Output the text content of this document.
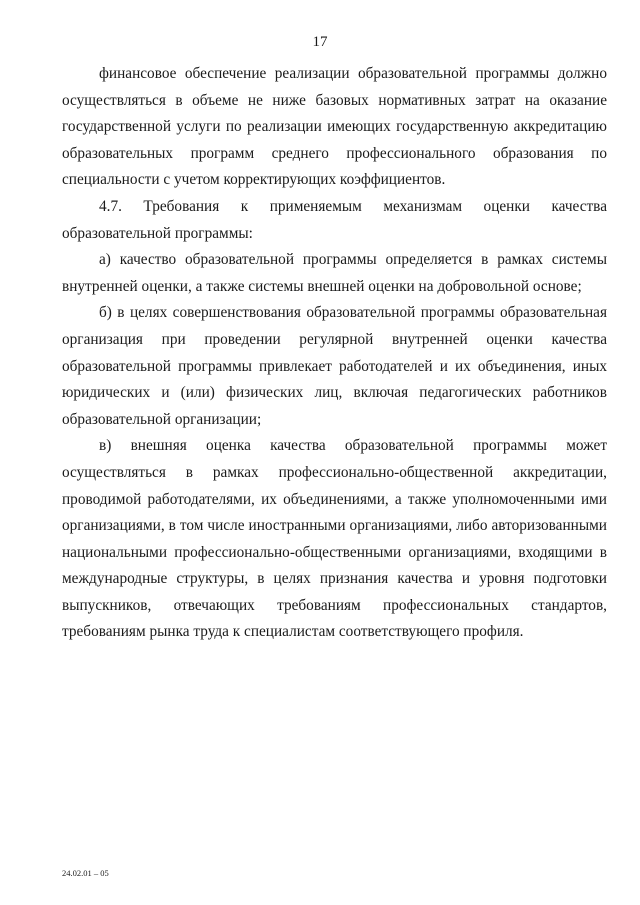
17

финансовое обеспечение реализации образовательной программы должно осуществляться в объеме не ниже базовых нормативных затрат на оказание государственной услуги по реализации имеющих государственную аккредитацию образовательных программ среднего профессионального образования по специальности с учетом корректирующих коэффициентов.

4.7. Требования к применяемым механизмам оценки качества образовательной программы:

а) качество образовательной программы определяется в рамках системы внутренней оценки, а также системы внешней оценки на добровольной основе;

б) в целях совершенствования образовательной программы образовательная организация при проведении регулярной внутренней оценки качества образовательной программы привлекает работодателей и их объединения, иных юридических и (или) физических лиц, включая педагогических работников образовательной организации;

в) внешняя оценка качества образовательной программы может осуществляться в рамках профессионально-общественной аккредитации, проводимой работодателями, их объединениями, а также уполномоченными ими организациями, в том числе иностранными организациями, либо авторизованными национальными профессионально-общественными организациями, входящими в международные структуры, в целях признания качества и уровня подготовки выпускников, отвечающих требованиям профессиональных стандартов, требованиям рынка труда к специалистам соответствующего профиля.

24.02.01 – 05
